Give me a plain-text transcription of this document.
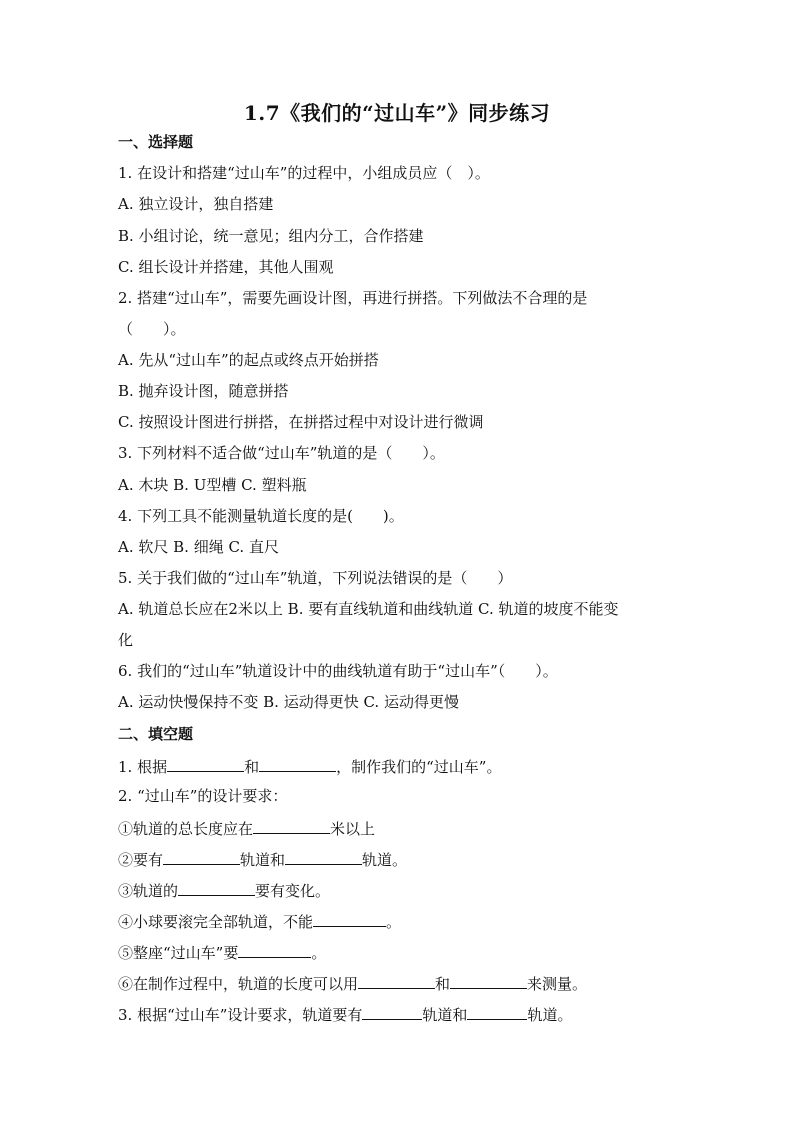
1.7《我们的“过山车”》同步练习
一、选择题
1. 在设计和搭建“过山车”的过程中，小组成员应（　）。
A. 独立设计，独自搭建
B. 小组讨论，统一意见；组内分工，合作搭建
C. 组长设计并搭建，其他人围观
2. 搭建“过山车”，需要先画设计图，再进行拼搭。下列做法不合理的是
（　　）。
A. 先从“过山车”的起点或终点开始拼搭
B. 抛弃设计图，随意拼搭
C. 按照设计图进行拼搭，在拼搭过程中对设计进行微调
3. 下列材料不适合做“过山车”轨道的是（　　）。
A. 木块 B. U型槽 C. 塑料瓶
4. 下列工具不能测量轨道长度的是(　　)。
A. 软尺 B. 细绳 C. 直尺
5. 关于我们做的“过山车”轨道，下列说法错误的是（　　）
A. 轨道总长应在2米以上 B. 要有直线轨道和曲线轨道 C. 轨道的坡度不能变
化
6. 我们的“过山车”轨道设计中的曲线轨道有助于“过山车”（　　）。
A. 运动快慢保持不变 B. 运动得更快 C. 运动得更慢
二、填空题
1. 根据	和	，制作我们的“过山车”。
2. “过山车”的设计要求：
①轨道的总长度应在	米以上
②要有	轨道和	轨道。
③轨道的	要有变化。
④小球要滚完全部轨道，不能	。
⑤整座“过山车”要	。
⑥在制作过程中，轨道的长度可以用	和	来测量。
3. 根据“过山车”设计要求，轨道要有	轨道和	轨道。
